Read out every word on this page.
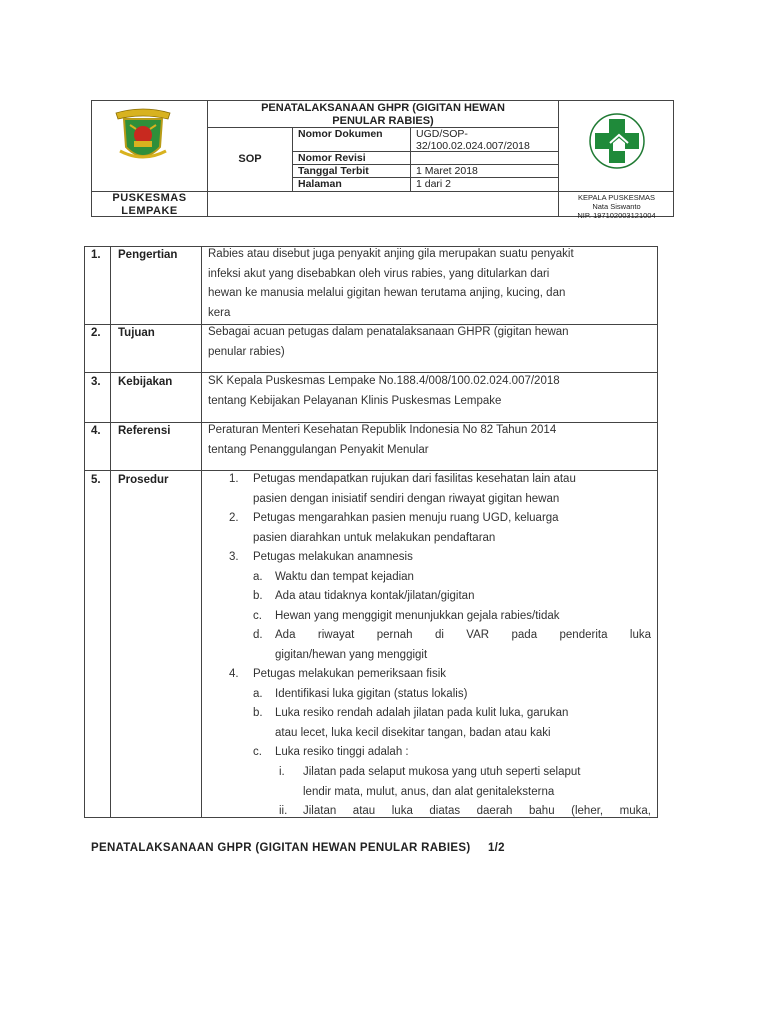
PENATALAKSANAAN GHPR (GIGITAN HEWAN
PENULAR RABIES)
SOP
Nomor Dokumen	UGD/SOP-
32/100.02.024.007/2018
Nomor Revisi
Tanggal Terbit	1 Maret 2018
Halaman	1 dari 2
PUSKESMAS
LEMPAKE
KEPALA PUSKESMAS
Nata Siswanto
NIP. 197102003121004
1. Pengertian	Rabies atau disebut juga penyakit anjing gila merupakan suatu penyakit
infeksi akut yang disebabkan oleh virus rabies, yang ditularkan dari
hewan ke manusia melalui gigitan hewan terutama anjing, kucing, dan
kera
2. Tujuan	Sebagai acuan petugas dalam penatalaksanaan GHPR (gigitan hewan
penular rabies)
3. Kebijakan	SK Kepala Puskesmas Lempake No.188.4/008/100.02.024.007/2018
tentang Kebijakan Pelayanan Klinis Puskesmas Lempake
4. Referensi	Peraturan Menteri Kesehatan Republik Indonesia No 82 Tahun 2014
tentang Penanggulangan Penyakit Menular
5. Prosedur	1. Petugas mendapatkan rujukan dari fasilitas kesehatan lain atau
pasien dengan inisiatif sendiri dengan riwayat gigitan hewan
2. Petugas mengarahkan pasien menuju ruang UGD, keluarga
pasien diarahkan untuk melakukan pendaftaran
3. Petugas melakukan anamnesis
a. Waktu dan tempat kejadian
b. Ada atau tidaknya kontak/jilatan/gigitan
c. Hewan yang menggigit menunjukkan gejala rabies/tidak
d. Ada riwayat pernah di VAR pada penderita luka
gigitan/hewan yang menggigit
4. Petugas melakukan pemeriksaan fisik
a. Identifikasi luka gigitan (status lokalis)
b. Luka resiko rendah adalah jilatan pada kulit luka, garukan
atau lecet, luka kecil disekitar tangan, badan atau kaki
c. Luka resiko tinggi adalah :
i. Jilatan pada selaput mukosa yang utuh seperti selaput
lendir mata, mulut, anus, dan alat genitaleksterna
ii. Jilatan atau luka diatas daerah bahu (leher, muka,
PENATALAKSANAAN GHPR (GIGITAN HEWAN PENULAR RABIES) 1/2
